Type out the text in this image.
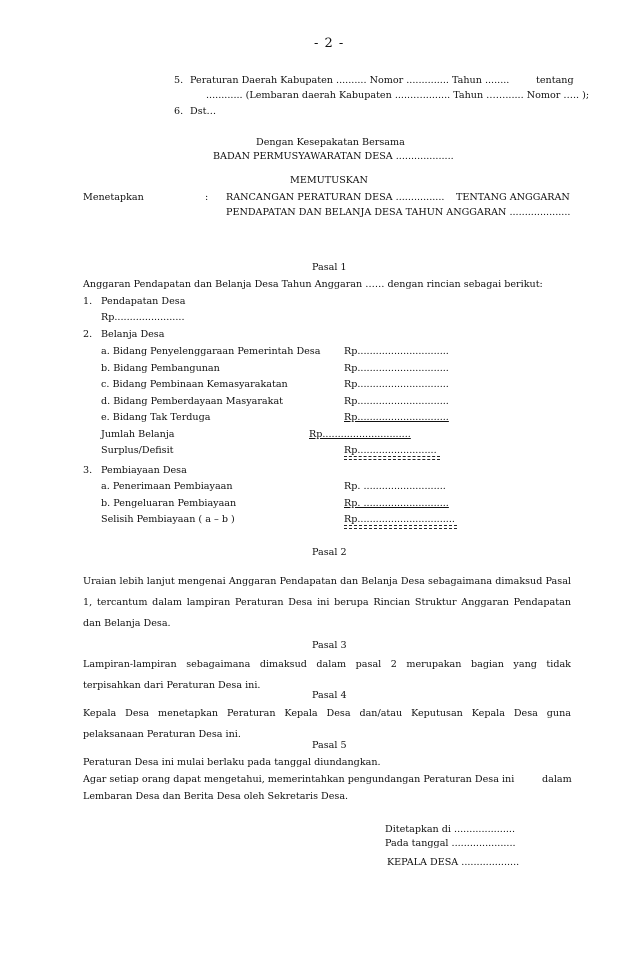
- 2 -
5. Peraturan Daerah Kabupaten .......... Nomor .............. Tahun ........	tentang
............ (Lembaran daerah Kabupaten ......…......... Tahun ……...... Nomor ….. );
6. Dst…
Dengan Kesepakatan Bersama
BADAN PERMUSYAWARATAN DESA ...................
MEMUTUSKAN
Menetapkan	: RANCANGAN PERATURAN DESA ................ TENTANG ANGGARAN
PENDAPATAN DAN BELANJA DESA TAHUN ANGGARAN ....................
Pasal 1
Anggaran Pendapatan dan Belanja Desa Tahun Anggaran …… dengan rincian sebagai berikut:
1. Pendapatan Desa
Rp.......................
2. Belanja Desa
a. Bidang Penyelenggaraan Pemerintah Desa Rp..............................
b. Bidang Pembangunan	Rp..............................
c. Bidang Pembinaan Kemasyarakatan	Rp..............................
d. Bidang Pemberdayaan Masyarakat	Rp..............................
e. Bidang Tak Terduga	Rp..............................
Jumlah Belanja	Rp.............................
Surplus/Defisit	Rp..........................
3. Pembiayaan Desa
a. Penerimaan Pembiayaan	Rp. ...........................
b. Pengeluaran Pembiayaan	Rp. ............................
Selisih Pembiayaan ( a – b )	Rp................................
Pasal 2
Uraian lebih lanjut mengenai Anggaran Pendapatan dan Belanja Desa sebagaimana dimaksud Pasal 1, tercantum dalam lampiran Peraturan Desa ini berupa Rincian Struktur Anggaran Pendapatan dan Belanja Desa.
Pasal 3
Lampiran-lampiran sebagaimana dimaksud dalam pasal 2 merupakan bagian yang tidak terpisahkan dari Peraturan Desa ini.
Pasal 4
Kepala Desa menetapkan Peraturan Kepala Desa dan/atau Keputusan Kepala Desa guna pelaksanaan Peraturan Desa ini.
Pasal 5
Peraturan Desa ini mulai berlaku pada tanggal diundangkan.
Agar setiap orang dapat mengetahui, memerintahkan pengundangan Peraturan Desa ini	dalam
Lembaran Desa dan Berita Desa oleh Sekretaris Desa.
Ditetapkan di ....................
Pada tanggal .....................
KEPALA DESA ...................
